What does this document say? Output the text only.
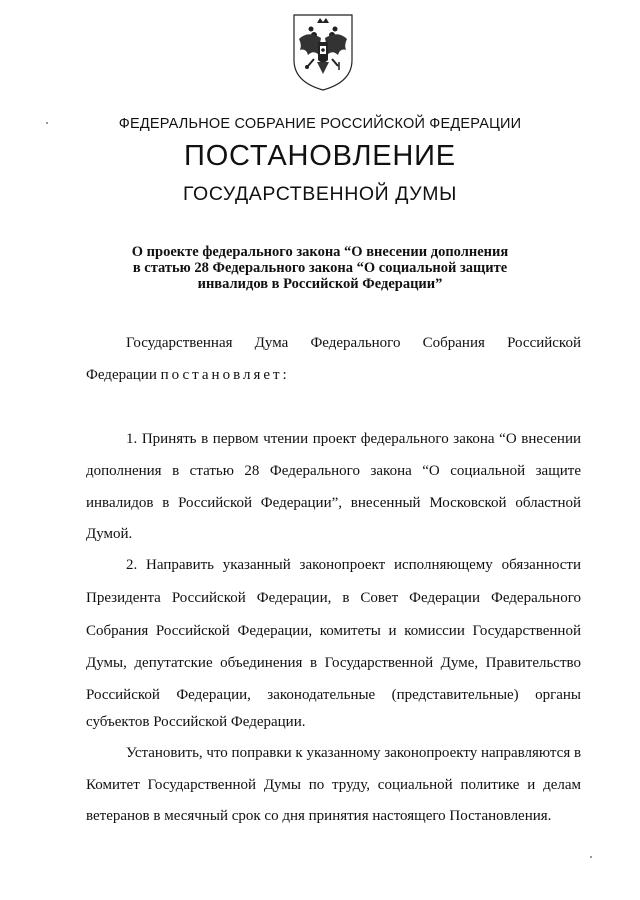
ФЕДЕРАЛЬНОЕ СОБРАНИЕ РОССИЙСКОЙ ФЕДЕРАЦИИ
ПОСТАНОВЛЕНИЕ
ГОСУДАРСТВЕННОЙ ДУМЫ
О проекте федерального закона “О внесении дополнения
в статью 28 Федерального закона “О социальной защите
инвалидов в Российской Федерации”
Государственная Дума Федерального Собрания Российской
Федерации постановляет:
1. Принять в первом чтении проект федерального закона “О внесении
дополнения в статью 28 Федерального закона “О социальной защите
инвалидов в Российской Федерации”, внесенный Московской областной
Думой.
2. Направить указанный законопроект исполняющему обязанности
Президента Российской Федерации, в Совет Федерации Федерального
Собрания Российской Федерации, комитеты и комиссии Государственной
Думы, депутатские объединения в Государственной Думе, Правительство
Российской Федерации, законодательные (представительные) органы
субъектов Российской Федерации.
Установить, что поправки к указанному законопроекту направляются в
Комитет Государственной Думы по труду, социальной политике и делам
ветеранов в месячный срок со дня принятия настоящего Постановления.
